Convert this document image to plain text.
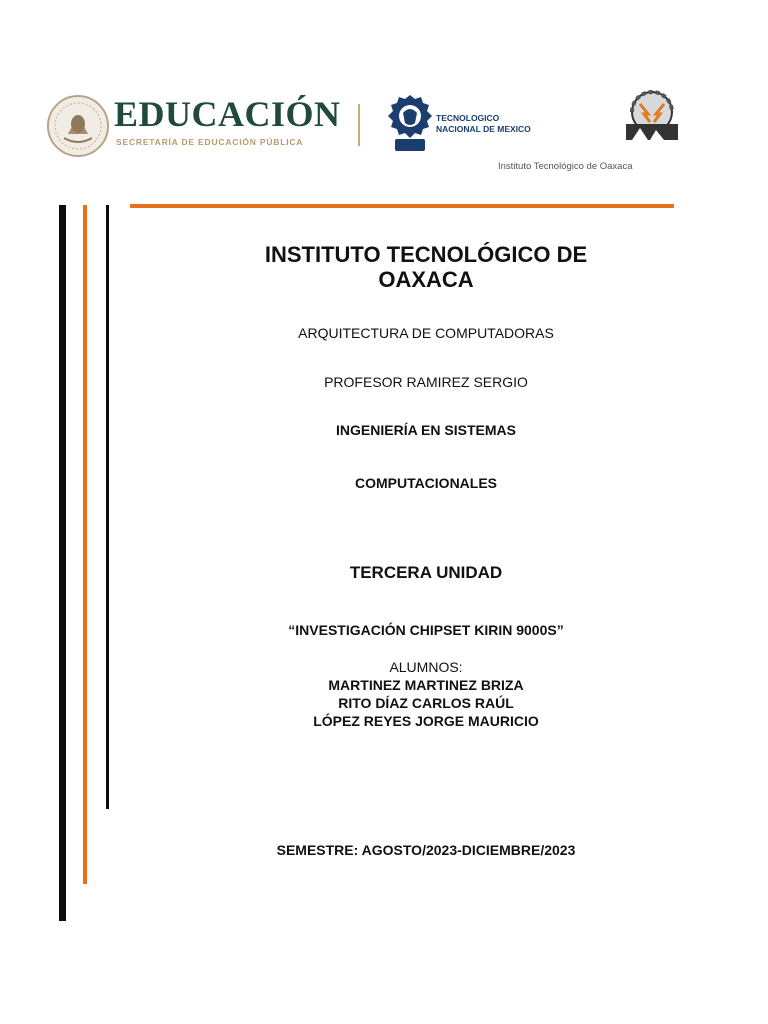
EDUCACIÓN
SECRETARÍA DE EDUCACIÓN PÚBLICA
TECNOLOGICO
NACIONAL DE MEXICO
Instituto Tecnológico de Oaxaca
INSTITUTO TECNOLÓGICO DE
OAXACA
ARQUITECTURA DE COMPUTADORAS
PROFESOR RAMIREZ SERGIO
INGENIERÍA EN SISTEMAS
COMPUTACIONALES
TERCERA UNIDAD
“INVESTIGACIÓN CHIPSET KIRIN 9000S”
ALUMNOS:
MARTINEZ MARTINEZ BRIZA
RITO DÍAZ CARLOS RAÚL
LÓPEZ REYES JORGE MAURICIO
SEMESTRE: AGOSTO/2023-DICIEMBRE/2023
